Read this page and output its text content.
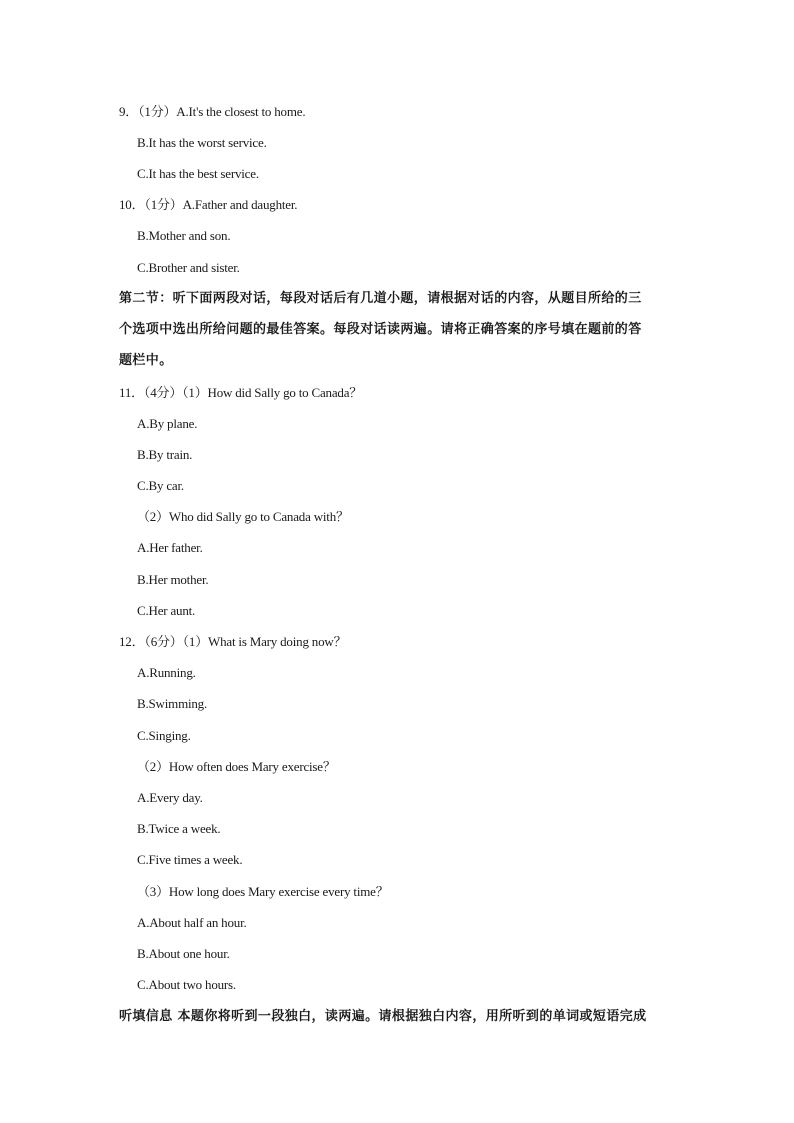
9．（1分）A.It's the closest to home.
B.It has the worst service.
C.It has the best service.
10．（1分）A.Father and daughter.
B.Mother and son.
C.Brother and sister.
第二节：听下面两段对话，每段对话后有几道小题，请根据对话的内容，从题目所给的三
个选项中选出所给问题的最佳答案。每段对话读两遍。请将正确答案的序号填在题前的答
题栏中。
11．（4分）（1）How did Sally go to Canada？
A.By plane.
B.By train.
C.By car.
（2）Who did Sally go to Canada with？
A.Her father.
B.Her mother.
C.Her aunt.
12．（6分）（1）What is Mary doing now？
A.Running.
B.Swimming.
C.Singing.
（2）How often does Mary exercise？
A.Every day.
B.Twice a week.
C.Five times a week.
（3）How long does Mary exercise every time？
A.About half an hour.
B.About one hour.
C.About two hours.
听填信息 本题你将听到一段独白，读两遍。请根据独白内容，用所听到的单词或短语完成
